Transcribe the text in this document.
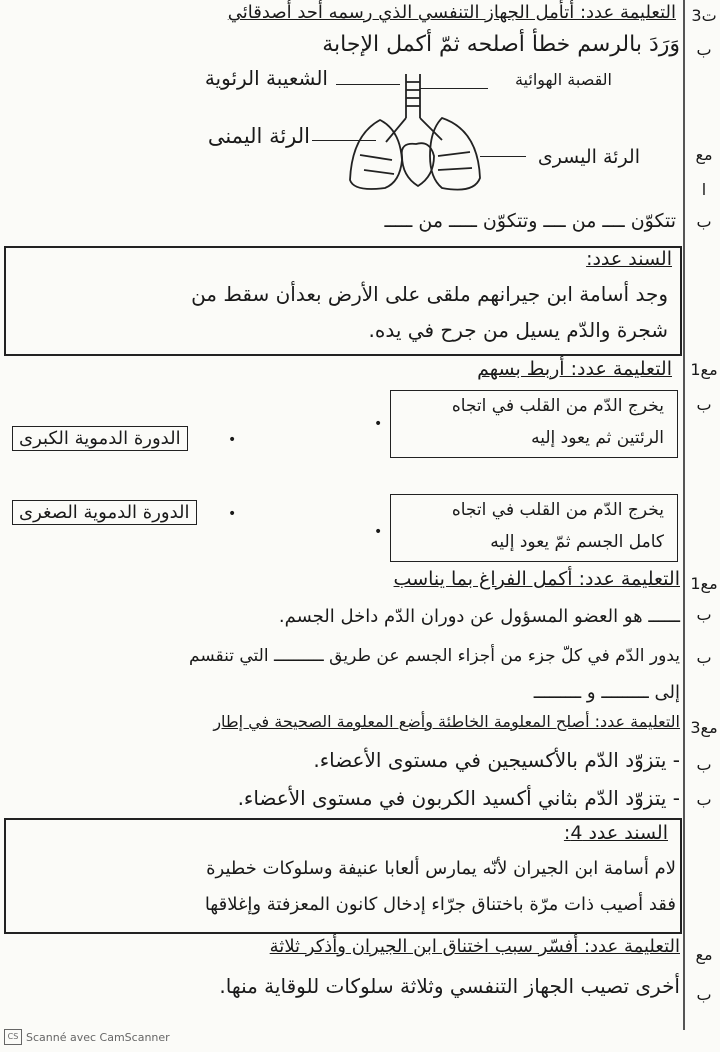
ت3
ب
مع
ا
ب
مع1
ب
مع1
ب
ب
مع3
ب
ب
مع
ب
التعليمة عدد: أتأمل الجهاز التنفسي الذي رسمه أحد أصدقائي
وَرَدَ بالرسم خطأ أصلحه ثمّ أكمل الإجابة
الشعيبة الرئوية	القصبة الهوائية
الرئة اليمنى
الرئة اليسرى
تتكوّن ــــ من ــــ وتتكوّن ـــــ من ـــــ
السند عدد:
وجد أسامة ابن جيرانهم ملقى على الأرض بعدأن سقط من
شجرة والدّم يسيل من جرح في يده.
التعليمة عدد: أربط بسهم
يخرج الدّم من القلب في اتجاه
الرئتين ثم يعود إليه
•
الدورة الدموية الكبرى	•
يخرج الدّم من القلب في اتجاه
كامل الجسم ثمّ يعود إليه
•
الدورة الدموية الصغرى	•
التعليمة عدد: أكمل الفراغ بما يناسب
ــــــ هو العضو المسؤول عن دوران الدّم داخل الجسم.
يدور الدّم في كلّ جزء من أجزاء الجسم عن طريق ــــــــــ التي تنقسم
إلى ـــــــــ و ـــــــــ
التعليمة عدد: أصلح المعلومة الخاطئة وأضع المعلومة الصحيحة في إطار
- يتزوّد الدّم بالأكسيجين في مستوى الأعضاء.
- يتزوّد الدّم بثاني أكسيد الكربون في مستوى الأعضاء.
السند عدد 4:
لام أسامة ابن الجيران لأنّه يمارس ألعابا عنيفة وسلوكات خطيرة
فقد أصيب ذات مرّة باختناق جرّاء إدخال كانون المعزفتة وإغلاقها
التعليمة عدد: أفسّر سبب اختناق ابن الجيران وأذكر ثلاثة
أخرى تصيب الجهاز التنفسي وثلاثة سلوكات للوقاية منها.
CS Scanné avec CamScanner
